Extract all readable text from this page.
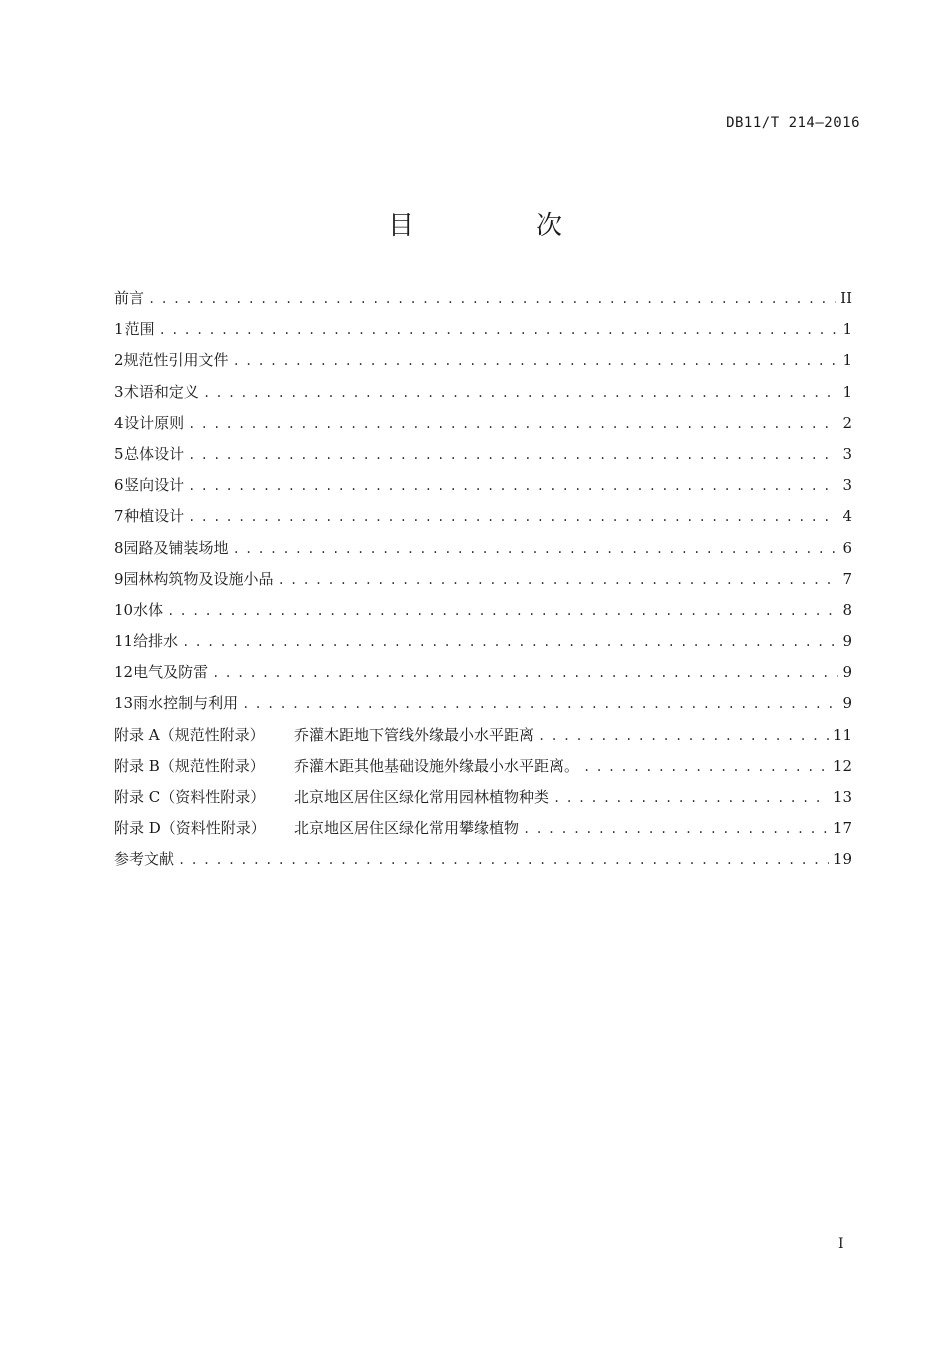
DB11/T 214—2016
目　次
前言 . . .	II
1 范围 . . .	1
2 规范性引用文件 . . .	1
3 术语和定义 . . .	1
4 设计原则 . . .	2
5 总体设计 . . .	3
6 竖向设计 . . .	3
7 种植设计 . . .	4
8 园路及铺装场地 . . .	6
9 园林构筑物及设施小品 . . .	7
10 水体 . . .	8
11 给排水 . . .	9
12 电气及防雷 . . .	9
13 雨水控制与利用 . . .	9
附录 A（规范性附录）	乔灌木距地下管线外缘最小水平距离 . . .	11
附录 B（规范性附录）	乔灌木距其他基础设施外缘最小水平距离。 . . .	12
附录 C（资料性附录）	北京地区居住区绿化常用园林植物种类 . . .	13
附录 D（资料性附录）	北京地区居住区绿化常用攀缘植物 . . .	17
参考文献 . . .	19
I
